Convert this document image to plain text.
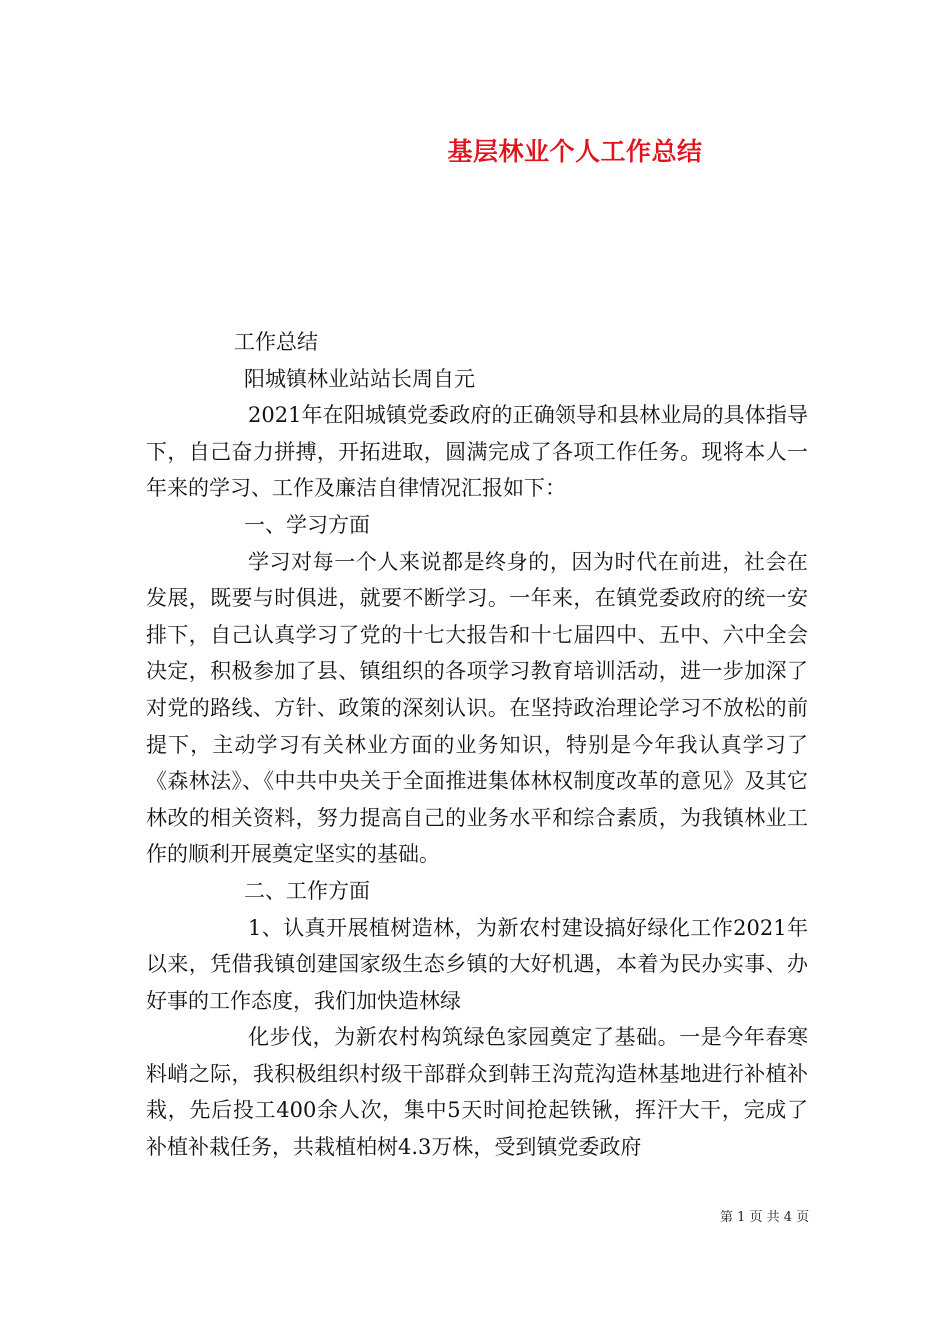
基层林业个人工作总结

工作总结

阳城镇林业站站长周自元

2021年在阳城镇党委政府的正确领导和县林业局的具体指导下，自己奋力拼搏，开拓进取，圆满完成了各项工作任务。现将本人一年来的学习、工作及廉洁自律情况汇报如下：

一、学习方面

学习对每一个人来说都是终身的，因为时代在前进，社会在发展，既要与时俱进，就要不断学习。一年来，在镇党委政府的统一安排下，自己认真学习了党的十七大报告和十七届四中、五中、六中全会决定，积极参加了县、镇组织的各项学习教育培训活动，进一步加深了对党的路线、方针、政策的深刻认识。在坚持政治理论学习不放松的前提下，主动学习有关林业方面的业务知识，特别是今年我认真学习了《森林法》、《中共中央关于全面推进集体林权制度改革的意见》及其它林改的相关资料，努力提高自己的业务水平和综合素质，为我镇林业工作的顺利开展奠定坚实的基础。

二、工作方面

1、认真开展植树造林，为新农村建设搞好绿化工作2021年以来，凭借我镇创建国家级生态乡镇的大好机遇，本着为民办实事、办好事的工作态度，我们加快造林绿

化步伐，为新农村构筑绿色家园奠定了基础。一是今年春寒料峭之际，我积极组织村级干部群众到韩王沟荒沟造林基地进行补植补栽，先后投工400余人次，集中5天时间抢起铁锹，挥汗大干，完成了补植补栽任务，共栽植柏树4.3万株，受到镇党委政府

第 1 页 共 4 页
